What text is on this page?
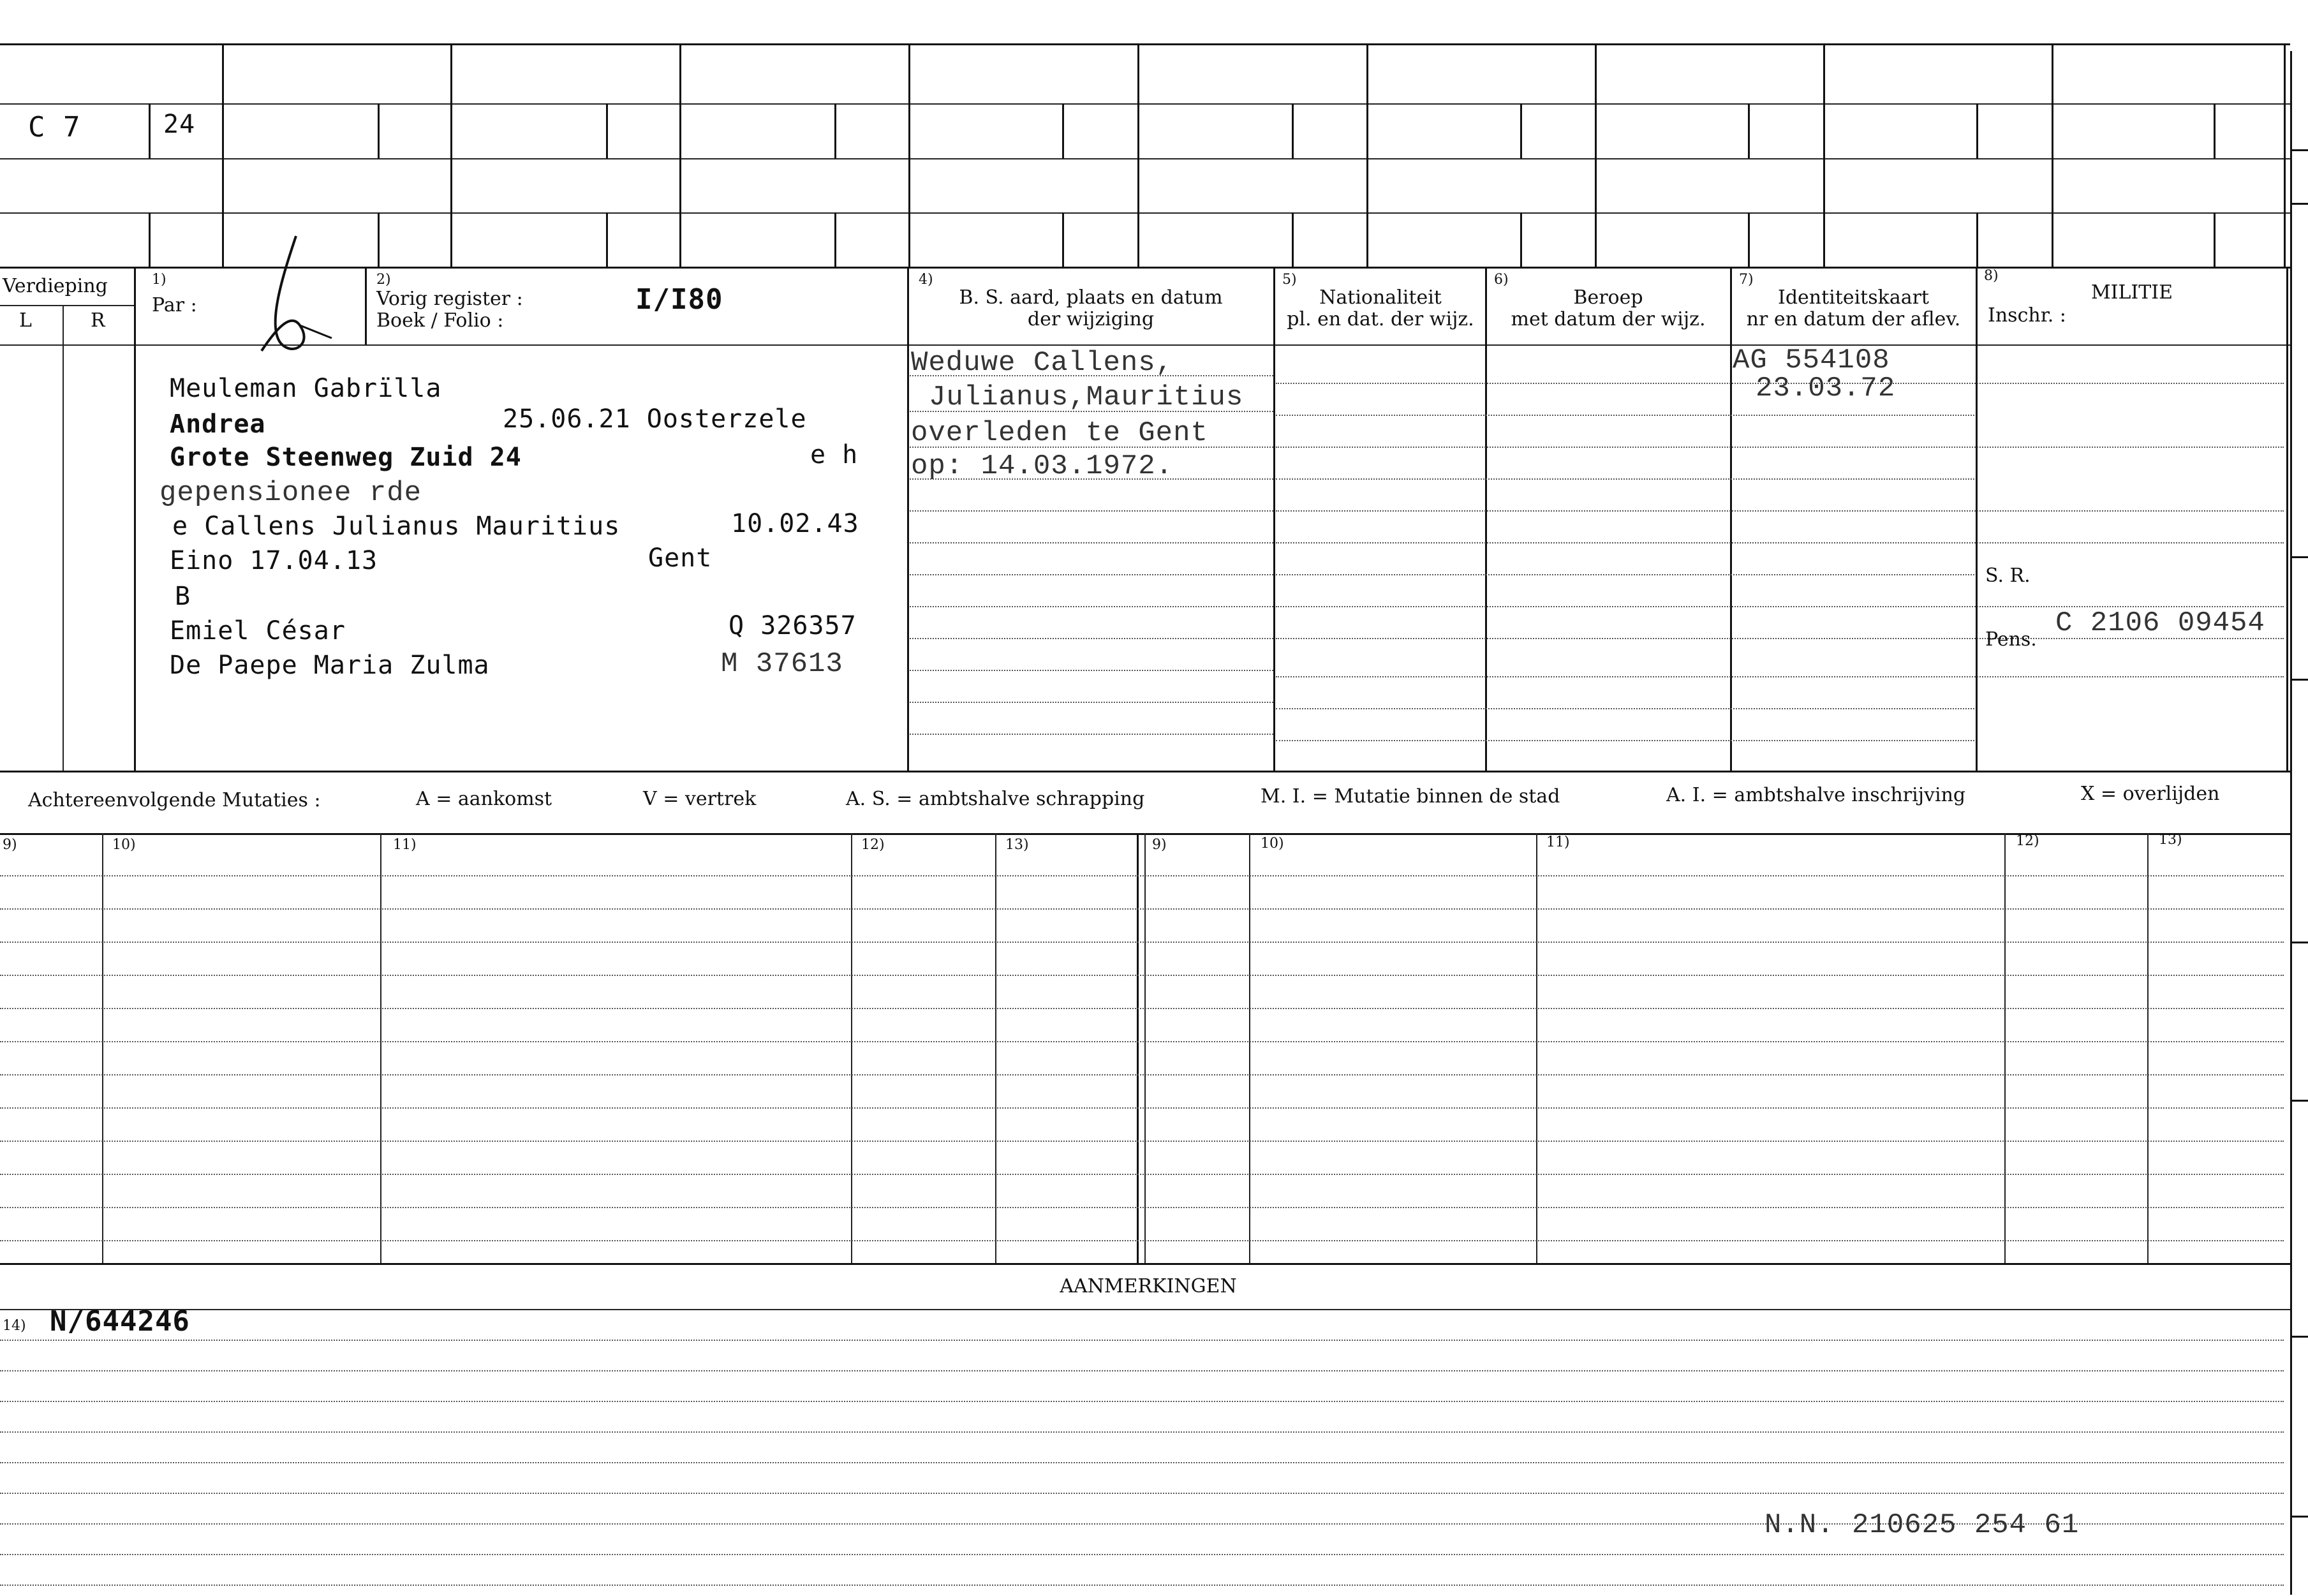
C 7	24
Verdieping
L	R
1)
Par :
2)
Vorig register :
Boek / Folio :
I/I80
4)
B. S. aard, plaats en datum
der wijziging
5)
Nationaliteit
pl. en dat. der wijz.
6)
Beroep
met datum der wijz.
7)
Identiteitskaart
nr en datum der aflev.
8)
MILITIE
Inschr. :
Meuleman Gabrïlla
Andrea	25.06.21 Oosterzele
Grote Steenweg Zuid 24	e h
gepensionee rde
e Callens Julianus Mauritius	10.02.43
Eino 17.04.13	Gent
B
Emiel César	Q 326357
De Paepe Maria Zulma	M 37613
Weduwe Callens,
Julianus,Mauritius
overleden te Gent
op: 14.03.1972.
AG 554108
23.03.72
S. R.
Pens.
C 2106 09454
Achtereenvolgende Mutaties :	A = aankomst	V = vertrek	A. S. = ambtshalve schrapping	M. I. = Mutatie binnen de stad	A. I. = ambtshalve inschrijving	X = overlijden
9)	10)	11)	12)	13)	9)	10)	11)	12)	13)
AANMERKINGEN
14) N/644246
N.N. 210625 254 61
